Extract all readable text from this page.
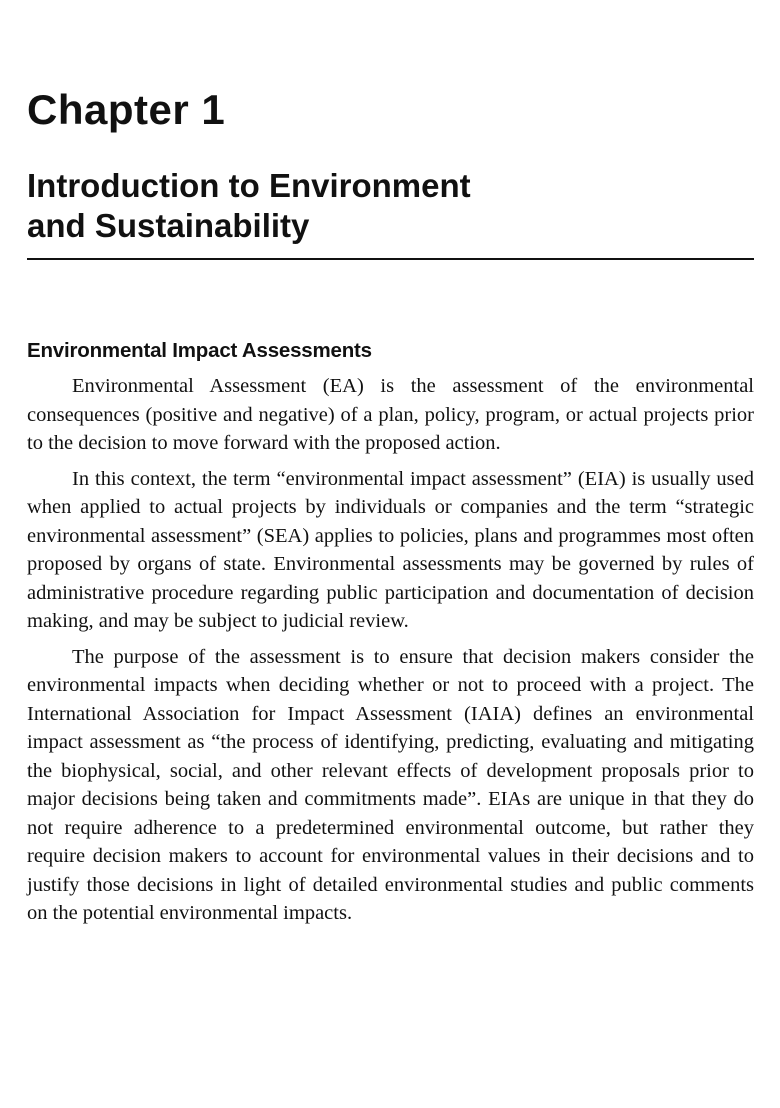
Chapter 1
Introduction to Environment
and Sustainability
Environmental Impact Assessments

Environmental Assessment (EA) is the assessment of the environmental consequences (positive and negative) of a plan, policy, program, or actual projects prior to the decision to move forward with the proposed action.

In this context, the term “environmental impact assessment” (EIA) is usually used when applied to actual projects by individuals or companies and the term “strategic environmental assessment” (SEA) applies to policies, plans and programmes most often proposed by organs of state. Environmental assessments may be governed by rules of administrative procedure regarding public participation and documentation of decision making, and may be subject to judicial review.

The purpose of the assessment is to ensure that decision makers consider the environmental impacts when deciding whether or not to proceed with a project. The International Association for Impact Assessment (IAIA) defines an environmental impact assessment as “the process of identifying, predicting, evaluating and mitigating the biophysical, social, and other relevant effects of development proposals prior to major decisions being taken and commitments made”. EIAs are unique in that they do not require adherence to a predetermined environmental outcome, but rather they require decision makers to account for environmental values in their decisions and to justify those decisions in light of detailed environmental studies and public comments on the potential environmental impacts.
